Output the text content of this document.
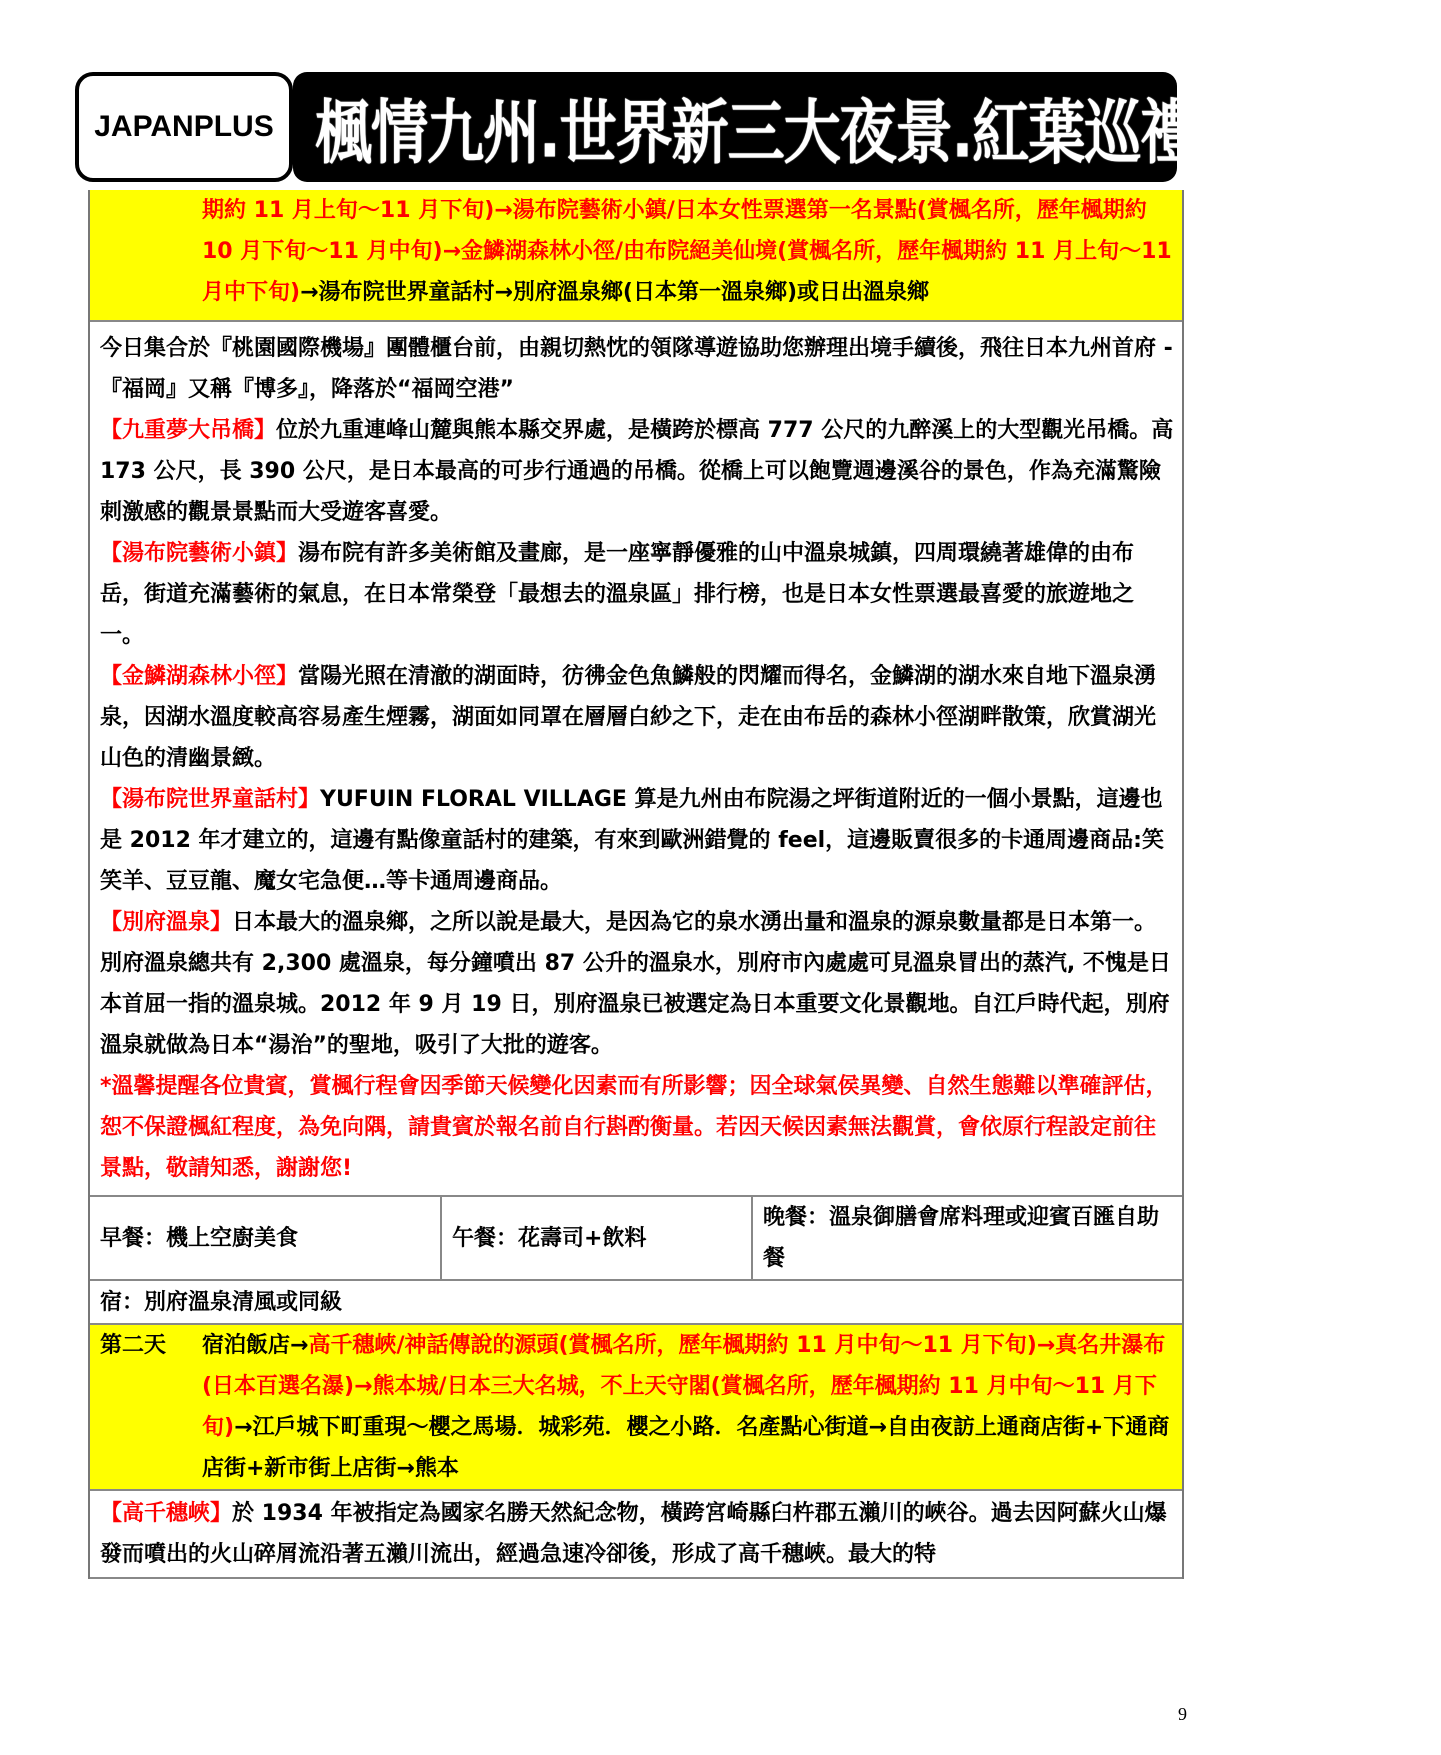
JAPANPLUS 楓情九州.世界新三大夜景.紅葉巡禮.溫泉五日
期約 11 月上旬～11 月下旬)→湯布院藝術小鎮/日本女性票選第一名景點(賞楓名所，歷年楓期約 10 月下旬～11 月中旬)→金鱗湖森林小徑/由布院絕美仙境(賞楓名所，歷年楓期約 11 月上旬～11 月中下旬)→湯布院世界童話村→別府溫泉鄉(日本第一溫泉鄉)或日出溫泉鄉
今日集合於『桃園國際機場』團體櫃台前，由親切熱忱的領隊導遊協助您辦理出境手續後，飛往日本九州首府 - 『福岡』又稱『博多』，降落於“福岡空港”
【九重夢大吊橋】位於九重連峰山麓與熊本縣交界處，是橫跨於標高 777 公尺的九醉溪上的大型觀光吊橋。高 173 公尺，長 390 公尺，是日本最高的可步行通過的吊橋。從橋上可以飽覽週邊溪谷的景色，作為充滿驚險刺激感的觀景景點而大受遊客喜愛。
【湯布院藝術小鎮】湯布院有許多美術館及畫廊，是一座寧靜優雅的山中溫泉城鎮，四周環繞著雄偉的由布岳，街道充滿藝術的氣息，在日本常榮登「最想去的溫泉區」排行榜，也是日本女性票選最喜愛的旅遊地之一。
【金鱗湖森林小徑】當陽光照在清澈的湖面時，彷彿金色魚鱗般的閃耀而得名，金鱗湖的湖水來自地下溫泉湧泉，因湖水溫度較高容易產生煙霧，湖面如同罩在層層白紗之下，走在由布岳的森林小徑湖畔散策，欣賞湖光山色的清幽景緻。
【湯布院世界童話村】YUFUIN FLORAL VILLAGE 算是九州由布院湯之坪街道附近的一個小景點，這邊也是 2012 年才建立的，這邊有點像童話村的建築，有來到歐洲錯覺的 feel，這邊販賣很多的卡通周邊商品:笑笑羊、豆豆龍、魔女宅急便…等卡通周邊商品。
【別府溫泉】日本最大的溫泉鄉，之所以說是最大，是因為它的泉水湧出量和溫泉的源泉數量都是日本第一。別府溫泉總共有 2,300 處溫泉，每分鐘噴出 87 公升的溫泉水，別府市內處處可見溫泉冒出的蒸汽, 不愧是日本首屈一指的溫泉城。2012 年 9 月 19 日，別府溫泉已被選定為日本重要文化景觀地。自江戶時代起，別府溫泉就做為日本“湯治”的聖地，吸引了大批的遊客。
*溫馨提醒各位貴賓，賞楓行程會因季節天候變化因素而有所影響；因全球氣侯異變、自然生態難以準確評估，恕不保證楓紅程度，為免向隅，請貴賓於報名前自行斟酌衡量。若因天候因素無法觀賞，會依原行程設定前往景點，敬請知悉，謝謝您!
早餐：機上空廚美食	午餐：花壽司+飲料
晚餐：溫泉御膳會席料理或迎賓百匯自助餐
宿：別府溫泉清風或同級
第二天	宿泊飯店→高千穗峽/神話傳說的源頭(賞楓名所，歷年楓期約 11 月中旬～11 月下旬)→真名井瀑布(日本百選名瀑)→熊本城/日本三大名城，不上天守閣(賞楓名所，歷年楓期約 11 月中旬～11 月下旬)→江戶城下町重現～櫻之馬場．城彩苑．櫻之小路．名產點心街道→自由夜訪上通商店街+下通商店街+新市街上店街→熊本
【高千穗峽】於 1934 年被指定為國家名勝天然紀念物，橫跨宮崎縣臼杵郡五瀨川的峽谷。過去因阿蘇火山爆發而噴出的火山碎屑流沿著五瀨川流出，經過急速冷卻後，形成了高千穗峽。最大的特
9
